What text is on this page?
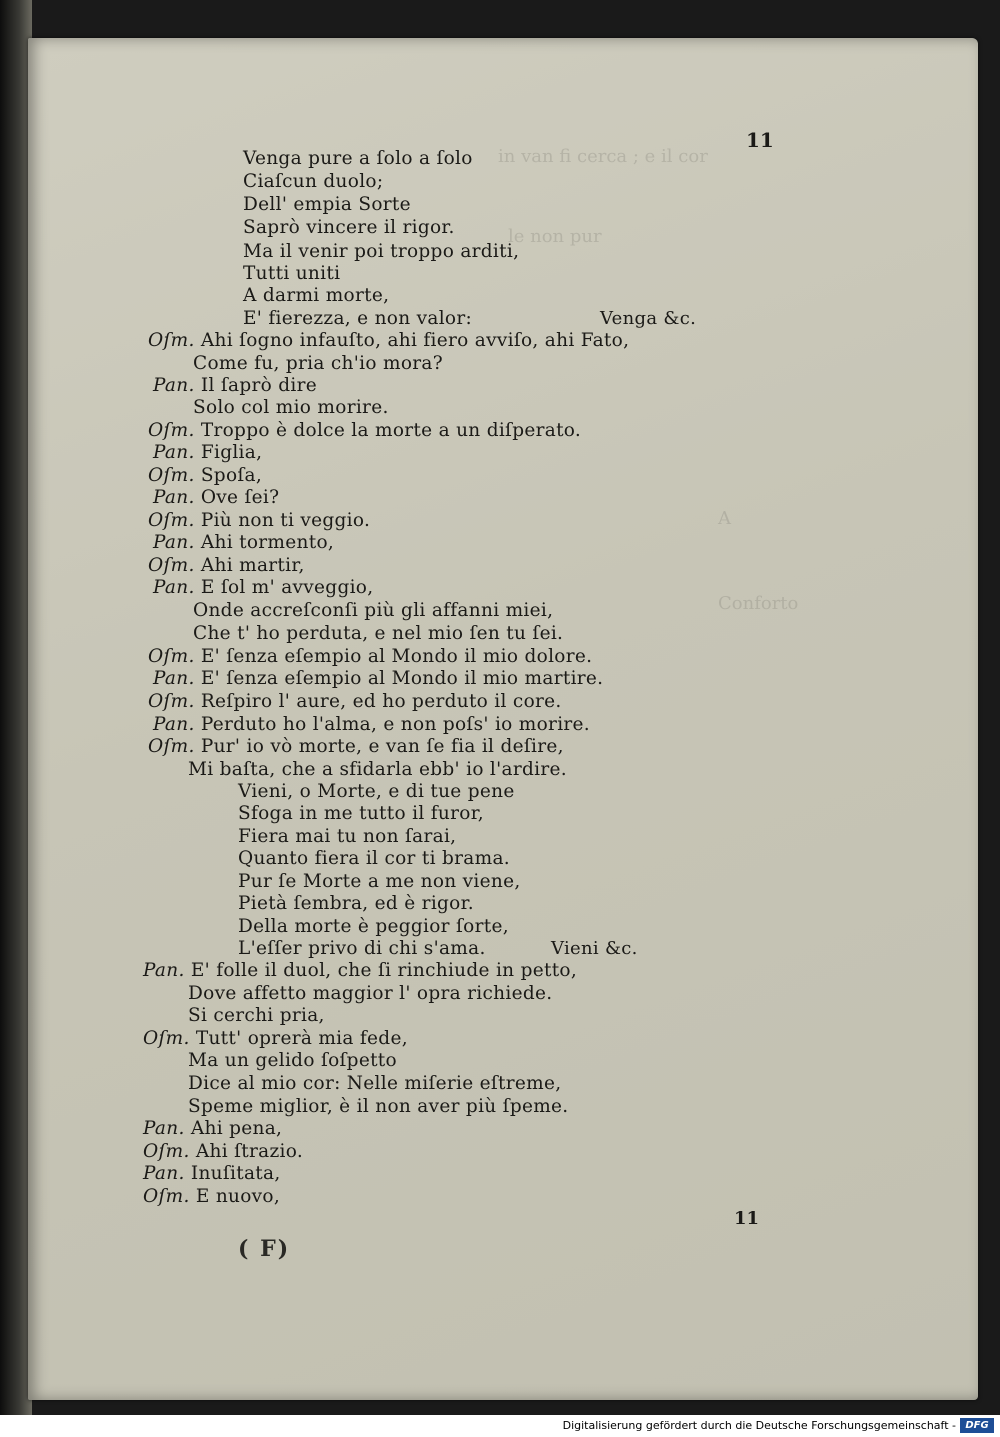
in van fi cerca ; e il cor
le non pur
A
Conforto
11
Venga pure a ſolo a ſolo
Ciaſcun duolo;
Dell' empia Sorte
Saprò vincere il rigor.
Ma il venir poi troppo arditi,
Tutti uniti
A darmi morte,
E' fierezza, e non valor:	Venga &c.
Oſm. Ahi ſogno infauſto, ahi fiero avviſo, ahi Fato,
Come fu, pria ch'io mora?
Pan. Il ſaprò dire
Solo col mio morire.
Oſm. Troppo è dolce la morte a un diſperato.
Pan. Figlia,
Oſm. Spoſa,
Pan. Ove ſei?
Oſm. Più non ti veggio.
Pan. Ahi tormento,
Oſm. Ahi martir,
Pan. E ſol m' avveggio,
Onde accreſconſi più gli affanni miei,
Che t' ho perduta, e nel mio ſen tu ſei.
Oſm. E' ſenza eſempio al Mondo il mio dolore.
Pan. E' ſenza eſempio al Mondo il mio martire.
Oſm. Reſpiro l' aure, ed ho perduto il core.
Pan. Perduto ho l'alma, e non poſs' io morire.
Oſm. Pur' io vò morte, e van ſe fia il deſire,
Mi baſta, che a sfidarla ebb' io l'ardire.
Vieni, o Morte, e di tue pene
Sfoga in me tutto il furor,
Fiera mai tu non ſarai,
Quanto fiera il cor ti brama.
Pur ſe Morte a me non viene,
Pietà ſembra, ed è rigor.
Della morte è peggior ſorte,
L'eſſer privo di chi s'ama.	Vieni &c.
Pan. E' folle il duol, che ſi rinchiude in petto,
Dove affetto maggior l' opra richiede.
Si cerchi pria,
Oſm. Tutt' oprerà mia fede,
Ma un gelido ſoſpetto
Dice al mio cor: Nelle miſerie eſtreme,
Speme miglior, è il non aver più ſpeme.
Pan. Ahi pena,
Oſm. Ahi ſtrazio.
Pan. Inuſitata,
Oſm. E nuovo,
( F)
11
Digitalisierung gefördert durch die Deutsche Forschungsgemeinschaft - DFG
